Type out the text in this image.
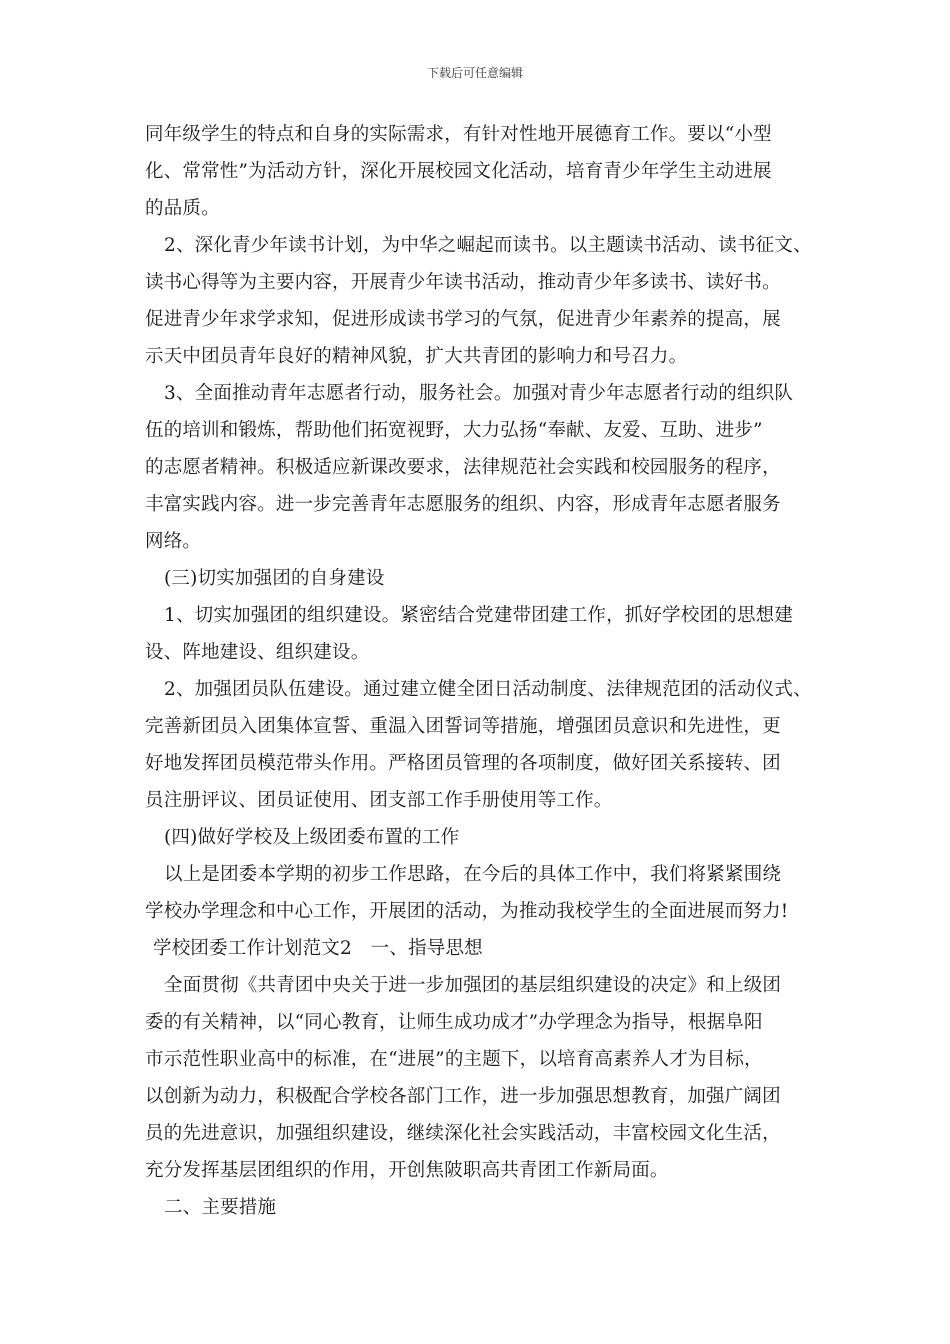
下载后可任意编辑
同年级学生的特点和自身的实际需求，有针对性地开展德育工作。要以“小型
化、常常性”为活动方针，深化开展校园文化活动，培育青少年学生主动进展
的品质。
2、深化青少年读书计划，为中华之崛起而读书。以主题读书活动、读书征文、
读书心得等为主要内容，开展青少年读书活动，推动青少年多读书、读好书。
促进青少年求学求知，促进形成读书学习的气氛，促进青少年素养的提高，展
示天中团员青年良好的精神风貌，扩大共青团的影响力和号召力。
3、全面推动青年志愿者行动，服务社会。加强对青少年志愿者行动的组织队
伍的培训和锻炼，帮助他们拓宽视野，大力弘扬“奉献、友爱、互助、进步”
的志愿者精神。积极适应新课改要求，法律规范社会实践和校园服务的程序，
丰富实践内容。进一步完善青年志愿服务的组织、内容，形成青年志愿者服务
网络。
(三)切实加强团的自身建设
1、切实加强团的组织建设。紧密结合党建带团建工作，抓好学校团的思想建
设、阵地建设、组织建设。
2、加强团员队伍建设。通过建立健全团日活动制度、法律规范团的活动仪式、
完善新团员入团集体宣誓、重温入团誓词等措施，增强团员意识和先进性，更
好地发挥团员模范带头作用。严格团员管理的各项制度，做好团关系接转、团
员注册评议、团员证使用、团支部工作手册使用等工作。
(四)做好学校及上级团委布置的工作
以上是团委本学期的初步工作思路，在今后的具体工作中，我们将紧紧围绕
学校办学理念和中心工作，开展团的活动，为推动我校学生的全面进展而努力!
学校团委工作计划范文2　一、指导思想
全面贯彻《共青团中央关于进一步加强团的基层组织建设的决定》和上级团
委的有关精神，以“同心教育，让师生成功成才”办学理念为指导，根据阜阳
市示范性职业高中的标准，在“进展”的主题下，以培育高素养人才为目标，
以创新为动力，积极配合学校各部门工作，进一步加强思想教育，加强广阔团
员的先进意识，加强组织建设，继续深化社会实践活动，丰富校园文化生活，
充分发挥基层团组织的作用，开创焦陂职高共青团工作新局面。
二、主要措施
